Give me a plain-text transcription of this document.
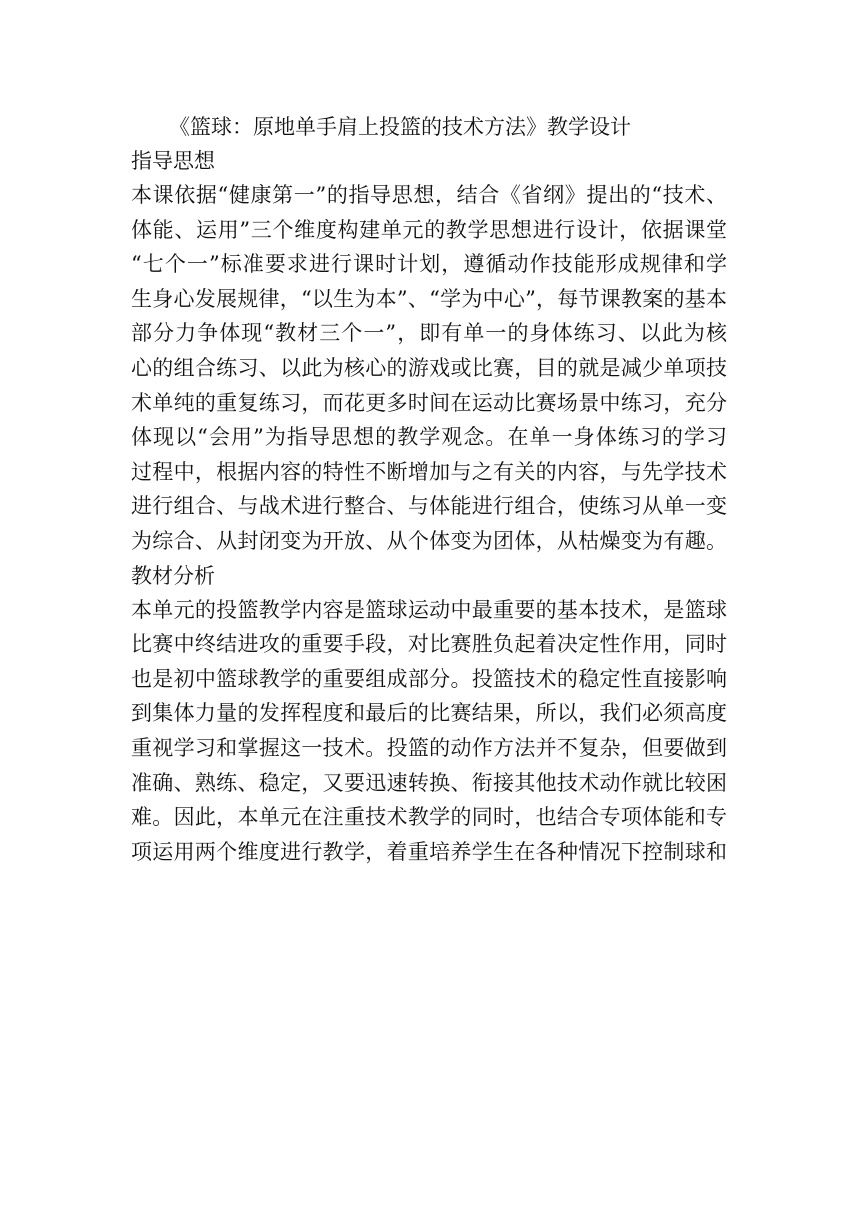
《篮球：原地单手肩上投篮的技术方法》教学设计
指导思想

本课依据“健康第一”的指导思想，结合《省纲》提出的“技术、
体能、运用”三个维度构建单元的教学思想进行设计，依据课堂
“七个一”标准要求进行课时计划，遵循动作技能形成规律和学
生身心发展规律，“以生为本”、“学为中心”，每节课教案的基本
部分力争体现“教材三个一”，即有单一的身体练习、以此为核
心的组合练习、以此为核心的游戏或比赛，目的就是减少单项技
术单纯的重复练习，而花更多时间在运动比赛场景中练习，充分
体现以“会用”为指导思想的教学观念。在单一身体练习的学习
过程中，根据内容的特性不断增加与之有关的内容，与先学技术
进行组合、与战术进行整合、与体能进行组合，使练习从单一变
为综合、从封闭变为开放、从个体变为团体，从枯燥变为有趣。

教材分析

本单元的投篮教学内容是篮球运动中最重要的基本技术，是篮球
比赛中终结进攻的重要手段，对比赛胜负起着决定性作用，同时
也是初中篮球教学的重要组成部分。投篮技术的稳定性直接影响
到集体力量的发挥程度和最后的比赛结果，所以，我们必须高度
重视学习和掌握这一技术。投篮的动作方法并不复杂，但要做到
准确、熟练、稳定，又要迅速转换、衔接其他技术动作就比较困
难。因此，本单元在注重技术教学的同时，也结合专项体能和专
项运用两个维度进行教学，着重培养学生在各种情况下控制球和
